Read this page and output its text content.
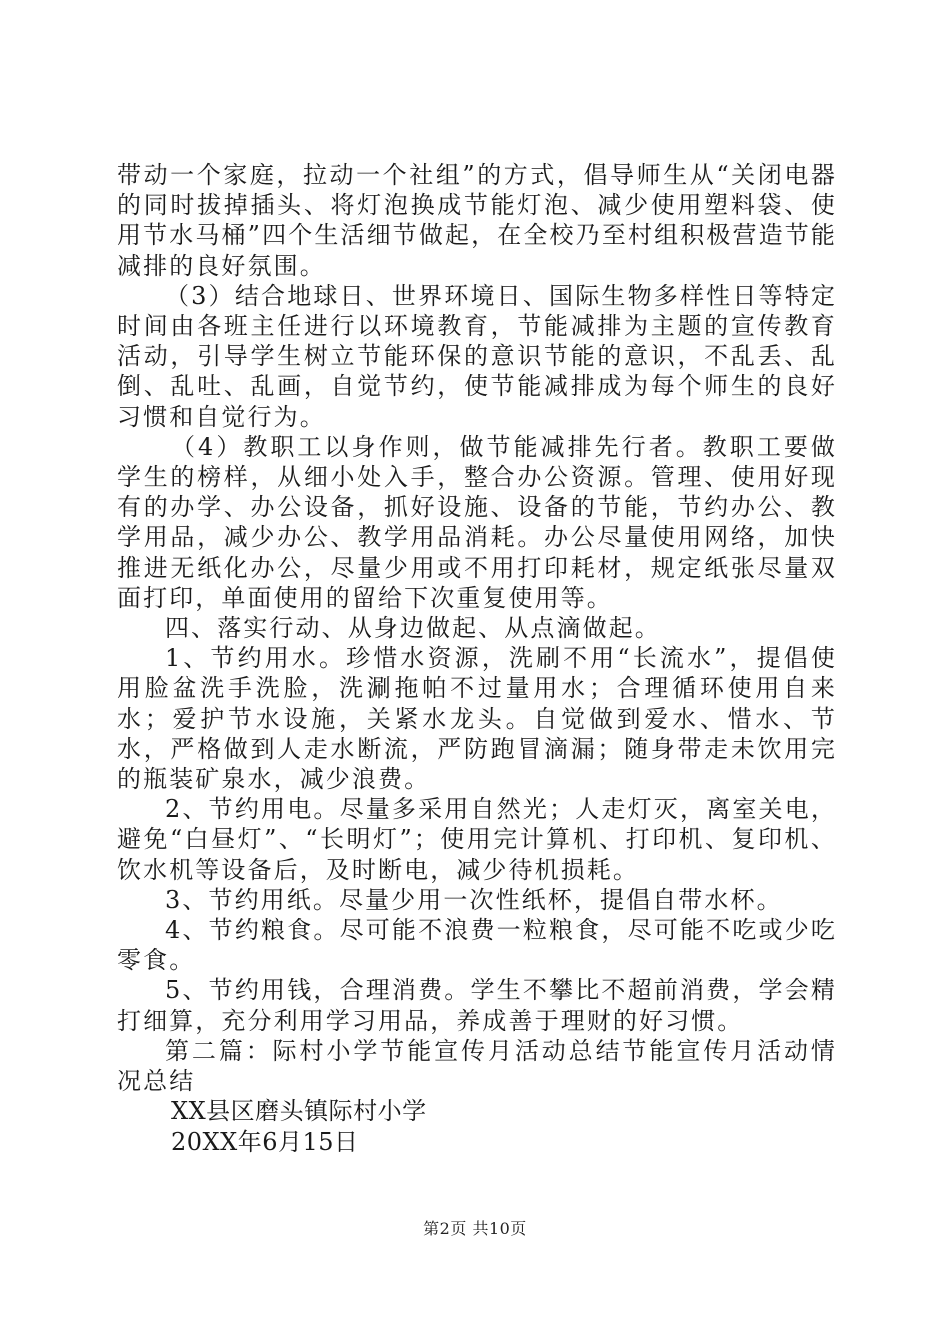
带动一个家庭，拉动一个社组”的方式，倡导师生从“关闭电器的同时拔掉插头、将灯泡换成节能灯泡、减少使用塑料袋、使用节水马桶”四个生活细节做起，在全校乃至村组积极营造节能减排的良好氛围。

（3）结合地球日、世界环境日、国际生物多样性日等特定时间由各班主任进行以环境教育，节能减排为主题的宣传教育活动，引导学生树立节能环保的意识节能的意识，不乱丢、乱倒、乱吐、乱画，自觉节约，使节能减排成为每个师生的良好习惯和自觉行为。

（4）教职工以身作则，做节能减排先行者。教职工要做学生的榜样，从细小处入手，整合办公资源。管理、使用好现有的办学、办公设备，抓好设施、设备的节能，节约办公、教学用品，减少办公、教学用品消耗。办公尽量使用网络，加快推进无纸化办公，尽量少用或不用打印耗材，规定纸张尽量双面打印，单面使用的留给下次重复使用等。

四、落实行动、从身边做起、从点滴做起。

1、节约用水。珍惜水资源，洗刷不用“长流水”，提倡使用脸盆洗手洗脸，洗涮拖帕不过量用水；合理循环使用自来水；爱护节水设施，关紧水龙头。自觉做到爱水、惜水、节水，严格做到人走水断流，严防跑冒滴漏；随身带走未饮用完的瓶装矿泉水，减少浪费。

2、节约用电。尽量多采用自然光；人走灯灭，离室关电，避免“白昼灯”、“长明灯”；使用完计算机、打印机、复印机、饮水机等设备后，及时断电，减少待机损耗。

3、节约用纸。尽量少用一次性纸杯，提倡自带水杯。

4、节约粮食。尽可能不浪费一粒粮食，尽可能不吃或少吃零食。

5、节约用钱，合理消费。学生不攀比不超前消费，学会精打细算，充分利用学习用品，养成善于理财的好习惯。

第二篇：际村小学节能宣传月活动总结节能宣传月活动情况总结

XX县区磨头镇际村小学

20XX年6月15日

第2页 共10页
